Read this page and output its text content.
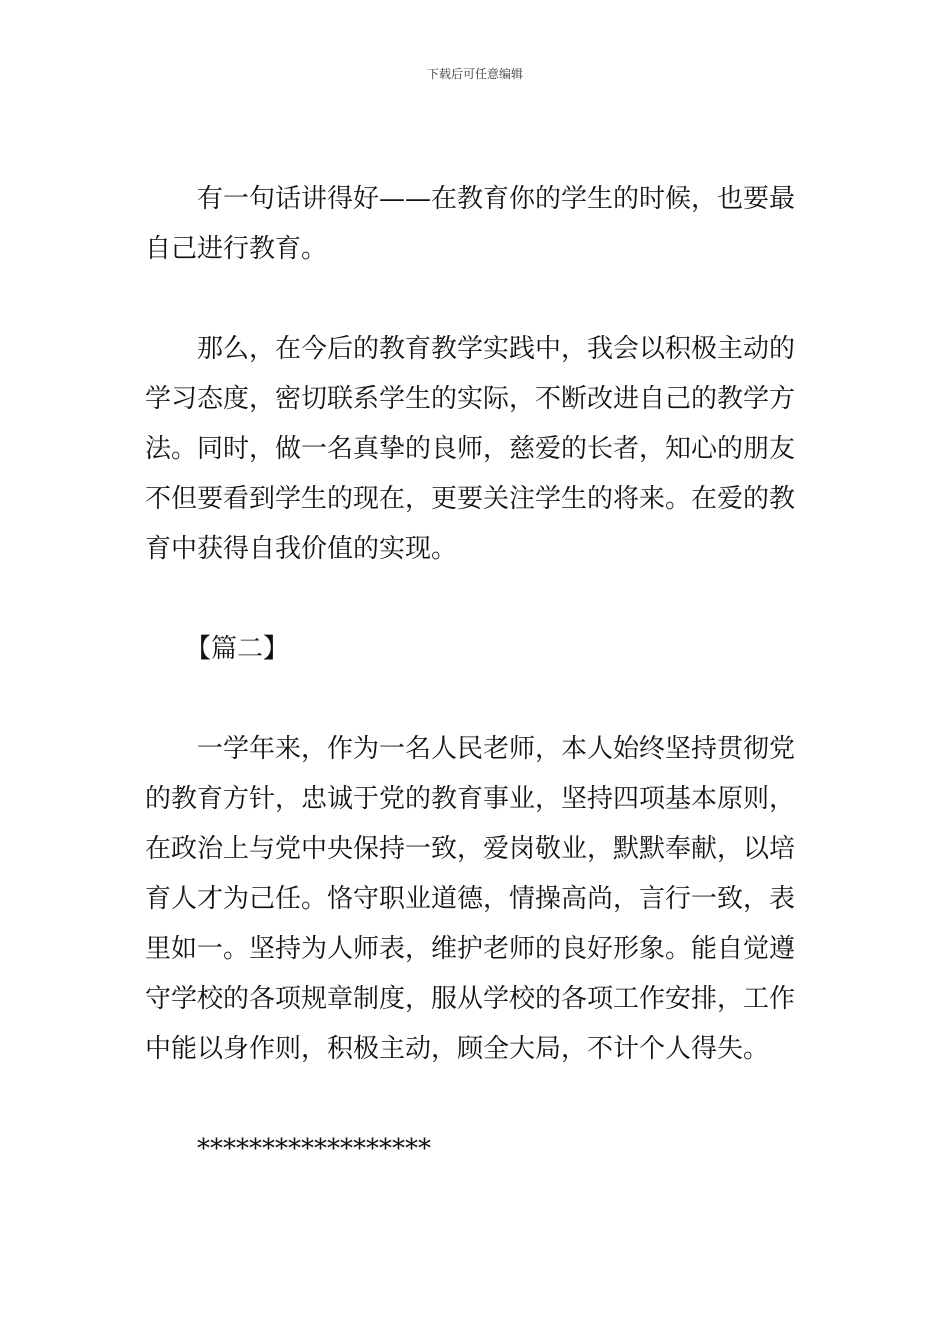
下载后可任意编辑
有一句话讲得好——在教育你的学生的时候，也要最
自己进行教育。
那么，在今后的教育教学实践中，我会以积极主动的
学习态度，密切联系学生的实际，不断改进自己的教学方
法。同时，做一名真挚的良师，慈爱的长者，知心的朋友
不但要看到学生的现在，更要关注学生的将来。在爱的教
育中获得自我价值的实现。
【篇二】
一学年来，作为一名人民老师，本人始终坚持贯彻党
的教育方针，忠诚于党的教育事业，坚持四项基本原则，
在政治上与党中央保持一致，爱岗敬业，默默奉献，以培
育人才为己任。恪守职业道德，情操高尚，言行一致，表
里如一。坚持为人师表，维护老师的良好形象。能自觉遵
守学校的各项规章制度，服从学校的各项工作安排，工作
中能以身作则，积极主动，顾全大局，不计个人得失。
******************
